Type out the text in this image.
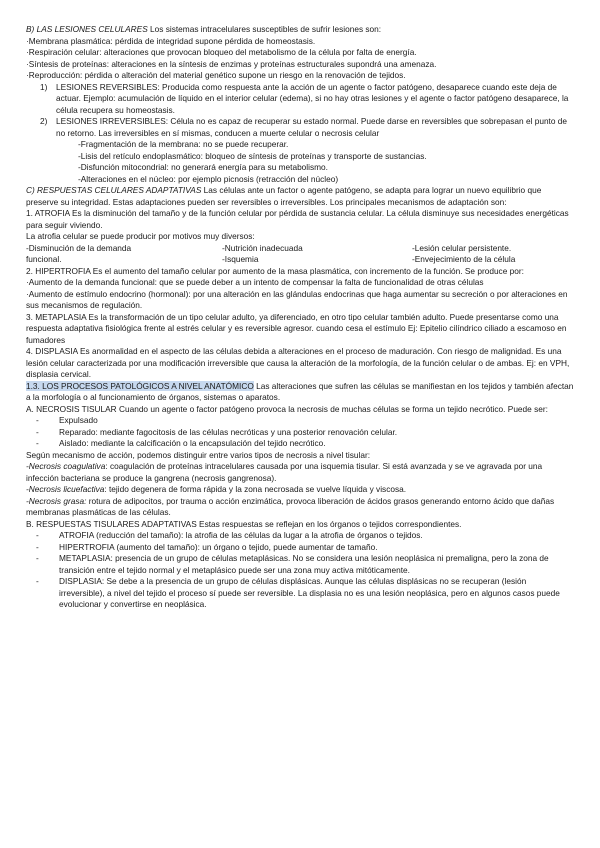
B) LAS LESIONES CELULARES Los sistemas intracelulares susceptibles de sufrir lesiones son:

·Membrana plasmática: pérdida de integridad supone pérdida de homeostasis.

·Respiración celular: alteraciones que provocan bloqueo del metabolismo de la célula por falta de energía.

·Síntesis de proteínas: alteraciones en la síntesis de enzimas y proteínas estructurales supondrá una amenaza.

·Reproducción: pérdida o alteración del material genético supone un riesgo en la renovación de tejidos.

1)	LESIONES REVERSIBLES: Producida como respuesta ante la acción de un agente o factor patógeno, desaparece cuando este deja de actuar. Ejemplo: acumulación de líquido en el interior celular (edema), si no hay otras lesiones y el agente o factor patógeno desaparece, la célula recupera su homeostasis.
2)	LESIONES IRREVERSIBLES: Célula no es capaz de recuperar su estado normal. Puede darse en reversibles que sobrepasan el punto de no retorno. Las irreversibles en sí mismas, conducen a muerte celular o necrosis celular

-Fragmentación de la membrana: no se puede recuperar.

-Lisis del retículo endoplasmático: bloqueo de síntesis de proteínas y transporte de sustancias.

-Disfunción mitocondrial: no generará energía para su metabolismo.

-Alteraciones en el núcleo: por ejemplo picnosis (retracción del núcleo)

C) RESPUESTAS CELULARES ADAPTATIVAS Las células ante un factor o agente patógeno, se adapta para lograr un nuevo equilibrio que preserve su integridad. Estas adaptaciones pueden ser reversibles o irreversibles. Los principales mecanismos de adaptación son:

1. ATROFIA Es la disminución del tamaño y de la función celular por pérdida de sustancia celular. La célula disminuye sus necesidades energéticas para seguir viviendo.

La atrofia celular se puede producir por motivos muy diversos:

-Disminución de la demanda	-Nutrición inadecuada	-Lesión celular persistente.
funcional.	-Isquemia	-Envejecimiento de la célula

2. HIPERTROFIA Es el aumento del tamaño celular por aumento de la masa plasmática, con incremento de la función. Se produce por:

·Aumento de la demanda funcional: que se puede deber a un intento de compensar la falta de funcionalidad de otras células

·Aumento de estímulo endocrino (hormonal): por una alteración en las glándulas endocrinas que haga aumentar su secreción o por alteraciones en sus mecanismos de regulación.

3. METAPLASIA Es la transformación de un tipo celular adulto, ya diferenciado, en otro tipo celular también adulto. Puede presentarse como una respuesta adaptativa fisiológica frente al estrés celular y es reversible agresor. cuando cesa el estímulo Ej: Epitelio cilíndrico ciliado a escamoso en fumadores

4. DISPLASIA Es anormalidad en el aspecto de las células debida a alteraciones en el proceso de maduración. Con riesgo de malignidad. Es una lesión celular caracterizada por una modificación irreversible que causa la alteración de la morfología, de la función celular o de ambas. Ej: en VPH, displasia cervical.

1.3. LOS PROCESOS PATOLÓGICOS A NIVEL ANATÓMICO Las alteraciones que sufren las células se manifiestan en los tejidos y también afectan a la morfología o al funcionamiento de órganos, sistemas o aparatos.

A. NECROSIS TISULAR Cuando un agente o factor patógeno provoca la necrosis de muchas células se forma un tejido necrótico. Puede ser:

-	Expulsado
-	Reparado: mediante fagocitosis de las células necróticas y una posterior renovación celular.
-	Aislado: mediante la calcificación o la encapsulación del tejido necrótico.

Según mecanismo de acción, podemos distinguir entre varios tipos de necrosis a nivel tisular:

-Necrosis coagulativa: coagulación de proteínas intracelulares causada por una isquemia tisular. Si está avanzada y se ve agravada por una infección bacteriana se produce la gangrena (necrosis gangrenosa).

-Necrosis licuefactiva: tejido degenera de forma rápida y la zona necrosada se vuelve líquida y viscosa.

-Necrosis grasa: rotura de adipocitos, por trauma o acción enzimática, provoca liberación de ácidos grasos generando entorno ácido que dañas membranas plasmáticas de las células.

B. RESPUESTAS TISULARES ADAPTATIVAS Estas respuestas se reflejan en los órganos o tejidos correspondientes.

-	ATROFIA (reducción del tamaño): la atrofia de las células da lugar a la atrofia de órganos o tejidos.
-	HIPERTROFIA (aumento del tamaño): un órgano o tejido, puede aumentar de tamaño.
-	METAPLASIA: presencia de un grupo de células metaplásicas. No se considera una lesión neoplásica ni premaligna, pero la zona de transición entre el tejido normal y el metaplásico puede ser una zona muy activa mitóticamente.
-	DISPLASIA: Se debe a la presencia de un grupo de células displásicas. Aunque las células displásicas no se recuperan (lesión irreversible), a nivel del tejido el proceso sí puede ser reversible. La displasia no es una lesión neoplásica, pero en algunos casos puede evolucionar y convertirse en neoplásica.
